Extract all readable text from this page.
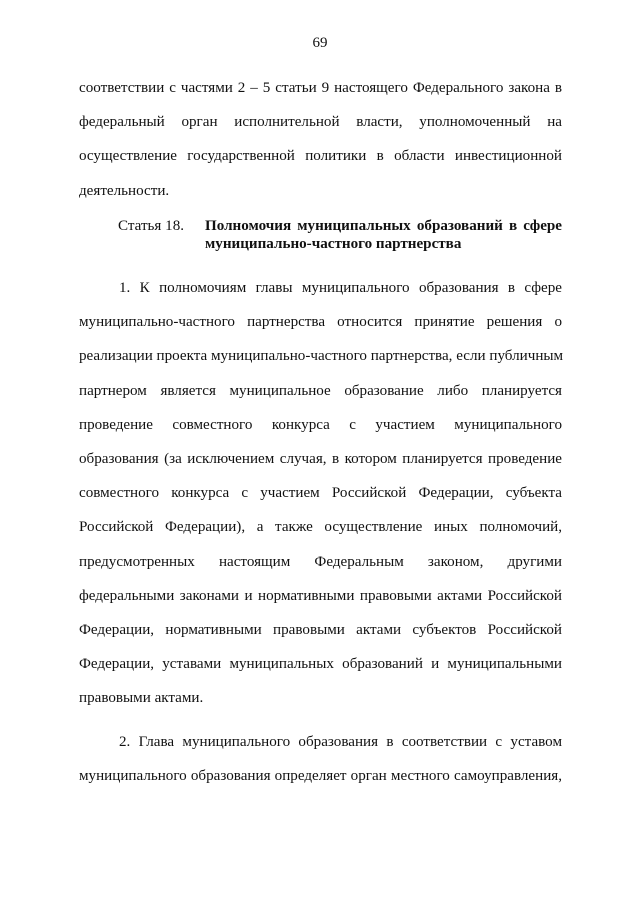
69
соответствии с частями 2 – 5 статьи 9 настоящего Федерального закона в
федеральный орган исполнительной власти, уполномоченный на
осуществление государственной политики в области инвестиционной
деятельности.
Статья 18. Полномочия муниципальных образований в сфере
муниципально-частного партнерства
1. К полномочиям главы муниципального образования в сфере
муниципально-частного партнерства относится принятие решения о
реализации проекта муниципально-частного партнерства, если публичным
партнером является муниципальное образование либо планируется
проведение совместного конкурса с участием муниципального
образования (за исключением случая, в котором планируется проведение
совместного конкурса с участием Российской Федерации, субъекта
Российской Федерации), а также осуществление иных полномочий,
предусмотренных настоящим Федеральным законом, другими
федеральными законами и нормативными правовыми актами Российской
Федерации, нормативными правовыми актами субъектов Российской
Федерации, уставами муниципальных образований и муниципальными
правовыми актами.
2. Глава муниципального образования в соответствии с уставом
муниципального образования определяет орган местного самоуправления,
